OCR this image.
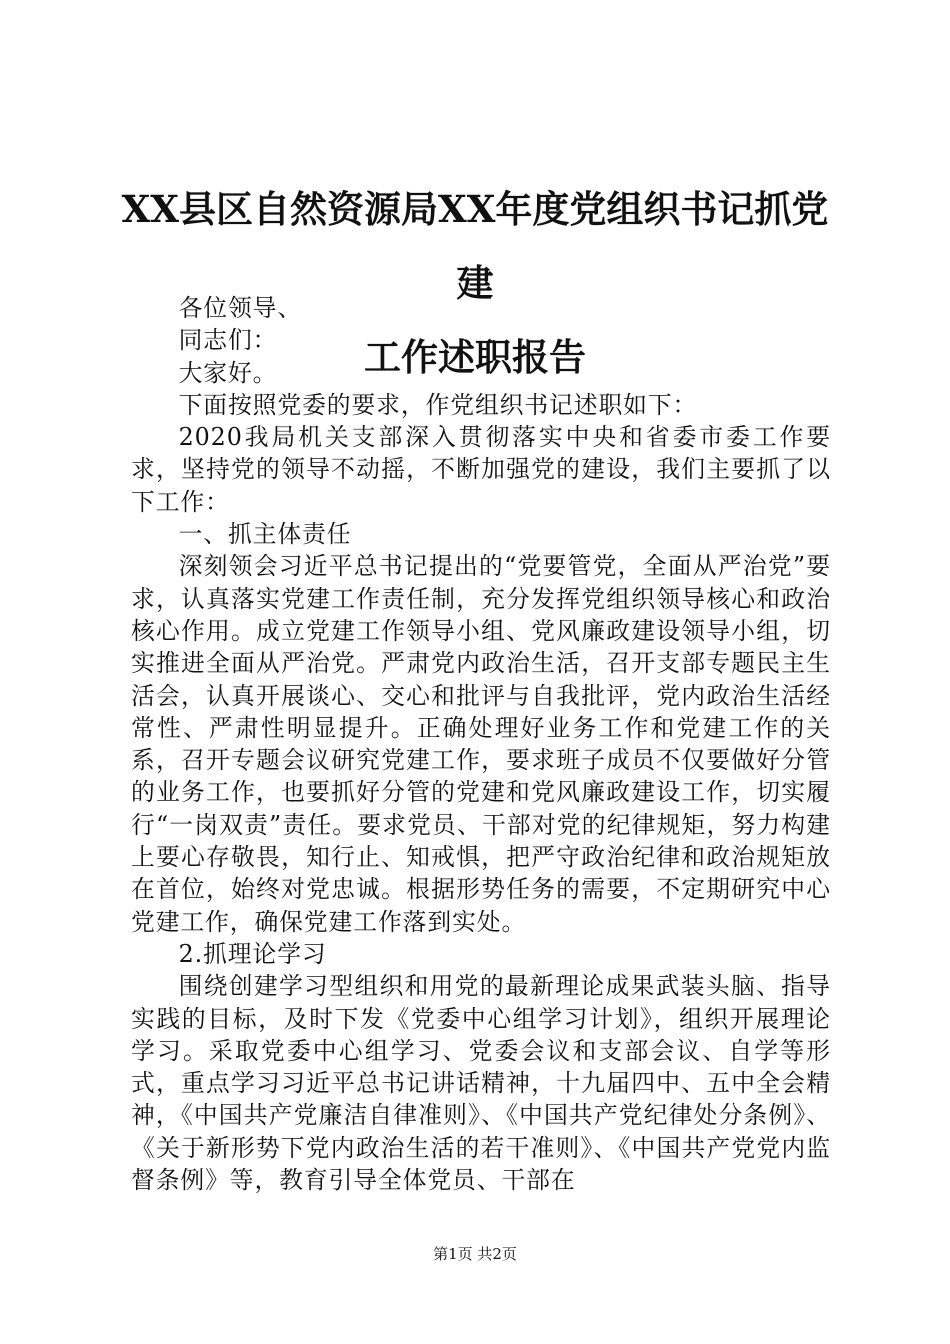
XX县区自然资源局XX年度党组织书记抓党建
工作述职报告

各位领导、

同志们：

大家好。

下面按照党委的要求，作党组织书记述职如下：

2020我局机关支部深入贯彻落实中央和省委市委工作要求，坚持党的领导不动摇，不断加强党的建设，我们主要抓了以下工作：

一、抓主体责任

深刻领会习近平总书记提出的“党要管党，全面从严治党”要求，认真落实党建工作责任制，充分发挥党组织领导核心和政治核心作用。成立党建工作领导小组、党风廉政建设领导小组，切实推进全面从严治党。严肃党内政治生活，召开支部专题民主生活会，认真开展谈心、交心和批评与自我批评，党内政治生活经常性、严肃性明显提升。正确处理好业务工作和党建工作的关系，召开专题会议研究党建工作，要求班子成员不仅要做好分管的业务工作，也要抓好分管的党建和党风廉政建设工作，切实履行“一岗双责”责任。要求党员、干部对党的纪律规矩，努力构建上要心存敬畏，知行止、知戒惧，把严守政治纪律和政治规矩放在首位，始终对党忠诚。根据形势任务的需要，不定期研究中心党建工作，确保党建工作落到实处。

2.抓理论学习

围绕创建学习型组织和用党的最新理论成果武装头脑、指导实践的目标，及时下发《党委中心组学习计划》，组织开展理论学习。采取党委中心组学习、党委会议和支部会议、自学等形式，重点学习习近平总书记讲话精神，十九届四中、五中全会精神，《中国共产党廉洁自律准则》、《中国共产党纪律处分条例》、《关于新形势下党内政治生活的若干准则》、《中国共产党党内监督条例》等，教育引导全体党员、干部在

第1页 共2页
